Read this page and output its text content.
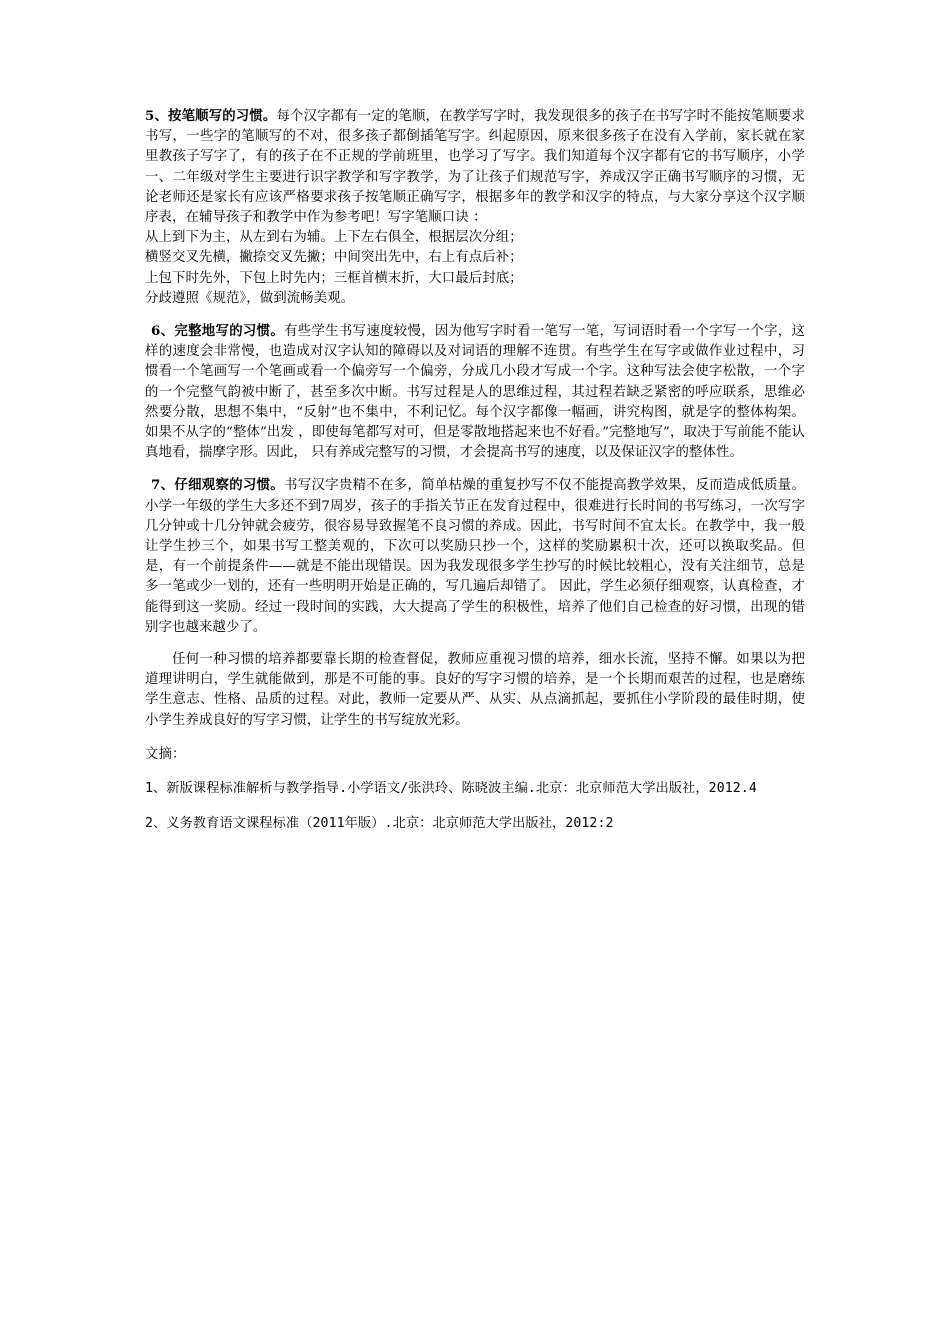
5、按笔顺写的习惯。每个汉字都有一定的笔顺，在教学写字时，我发现很多的孩子在书写字时不能按笔顺要求书写，一些字的笔顺写的不对，很多孩子都倒插笔写字。纠起原因，原来很多孩子在没有入学前，家长就在家里教孩子写字了，有的孩子在不正规的学前班里，也学习了写字。我们知道每个汉字都有它的书写顺序，小学一、二年级对学生主要进行识字教学和写字教学，为了让孩子们规范写字，养成汉字正确书写顺序的习惯，无论老师还是家长有应该严格要求孩子按笔顺正确写字，根据多年的教学和汉字的特点，与大家分享这个汉字顺序表，在辅导孩子和教学中作为参考吧！写字笔顺口诀 ：

从上到下为主，从左到右为辅。上下左右俱全，根据层次分组；

横竖交叉先横，撇捺交叉先撇；中间突出先中，右上有点后补；

上包下时先外，下包上时先内；三框首横末折，大口最后封底；

分歧遵照《规范》，做到流畅美观。

6、完整地写的习惯。有些学生书写速度较慢，因为他写字时看一笔写一笔，写词语时看一个字写一个字，这样的速度会非常慢，也造成对汉字认知的障碍以及对词语的理解不连贯。有些学生在写字或做作业过程中，习惯看一个笔画写一个笔画或看一个偏旁写一个偏旁，分成几小段才写成一个字。这种写法会使字松散，一个字的一个完整气韵被中断了，甚至多次中断。书写过程是人的思维过程，其过程若缺乏紧密的呼应联系，思维必然要分散，思想不集中，“反射”也不集中，不利记忆。每个汉字都像一幅画，讲究构图，就是字的整体构架。如果不从字的“整体”出发 ，即使每笔都写对可，但是零散地搭起来也不好看。”完整地写”，取决于写前能不能认真地看，揣摩字形。因此， 只有养成完整写的习惯，才会提高书写的速度，以及保证汉字的整体性。

7、仔细观察的习惯。书写汉字贵精不在多，简单枯燥的重复抄写不仅不能提高教学效果，反而造成低质量。小学一年级的学生大多还不到7周岁，孩子的手指关节正在发育过程中，很难进行长时间的书写练习，一次写字几分钟或十几分钟就会疲劳，很容易导致握笔不良习惯的养成。因此，书写时间不宜太长。在教学中，我一般让学生抄三个，如果书写工整美观的，下次可以奖励只抄一个，这样的奖励累积十次，还可以换取奖品。但是，有一个前提条件——就是不能出现错误。因为我发现很多学生抄写的时候比较粗心，没有关注细节，总是多一笔或少一划的，还有一些明明开始是正确的，写几遍后却错了。 因此，学生必须仔细观察，认真检查，才能得到这一奖励。经过一段时间的实践，大大提高了学生的积极性，培养了他们自己检查的好习惯，出现的错别字也越来越少了。

任何一种习惯的培养都要靠长期的检查督促，教师应重视习惯的培养，细水长流，坚持不懈。如果以为把道理讲明白，学生就能做到，那是不可能的事。良好的写字习惯的培养，是一个长期而艰苦的过程，也是磨练学生意志、性格、品质的过程。对此，教师一定要从严、从实、从点滴抓起，要抓住小学阶段的最佳时期，使小学生养成良好的写字习惯，让学生的书写绽放光彩。

文摘：

1、新版课程标准解析与教学指导.小学语文/张洪玲、陈晓波主编.北京：北京师范大学出版社，2012.4

2、义务教育语文课程标准（2011年版）.北京：北京师范大学出版社，2012:2
